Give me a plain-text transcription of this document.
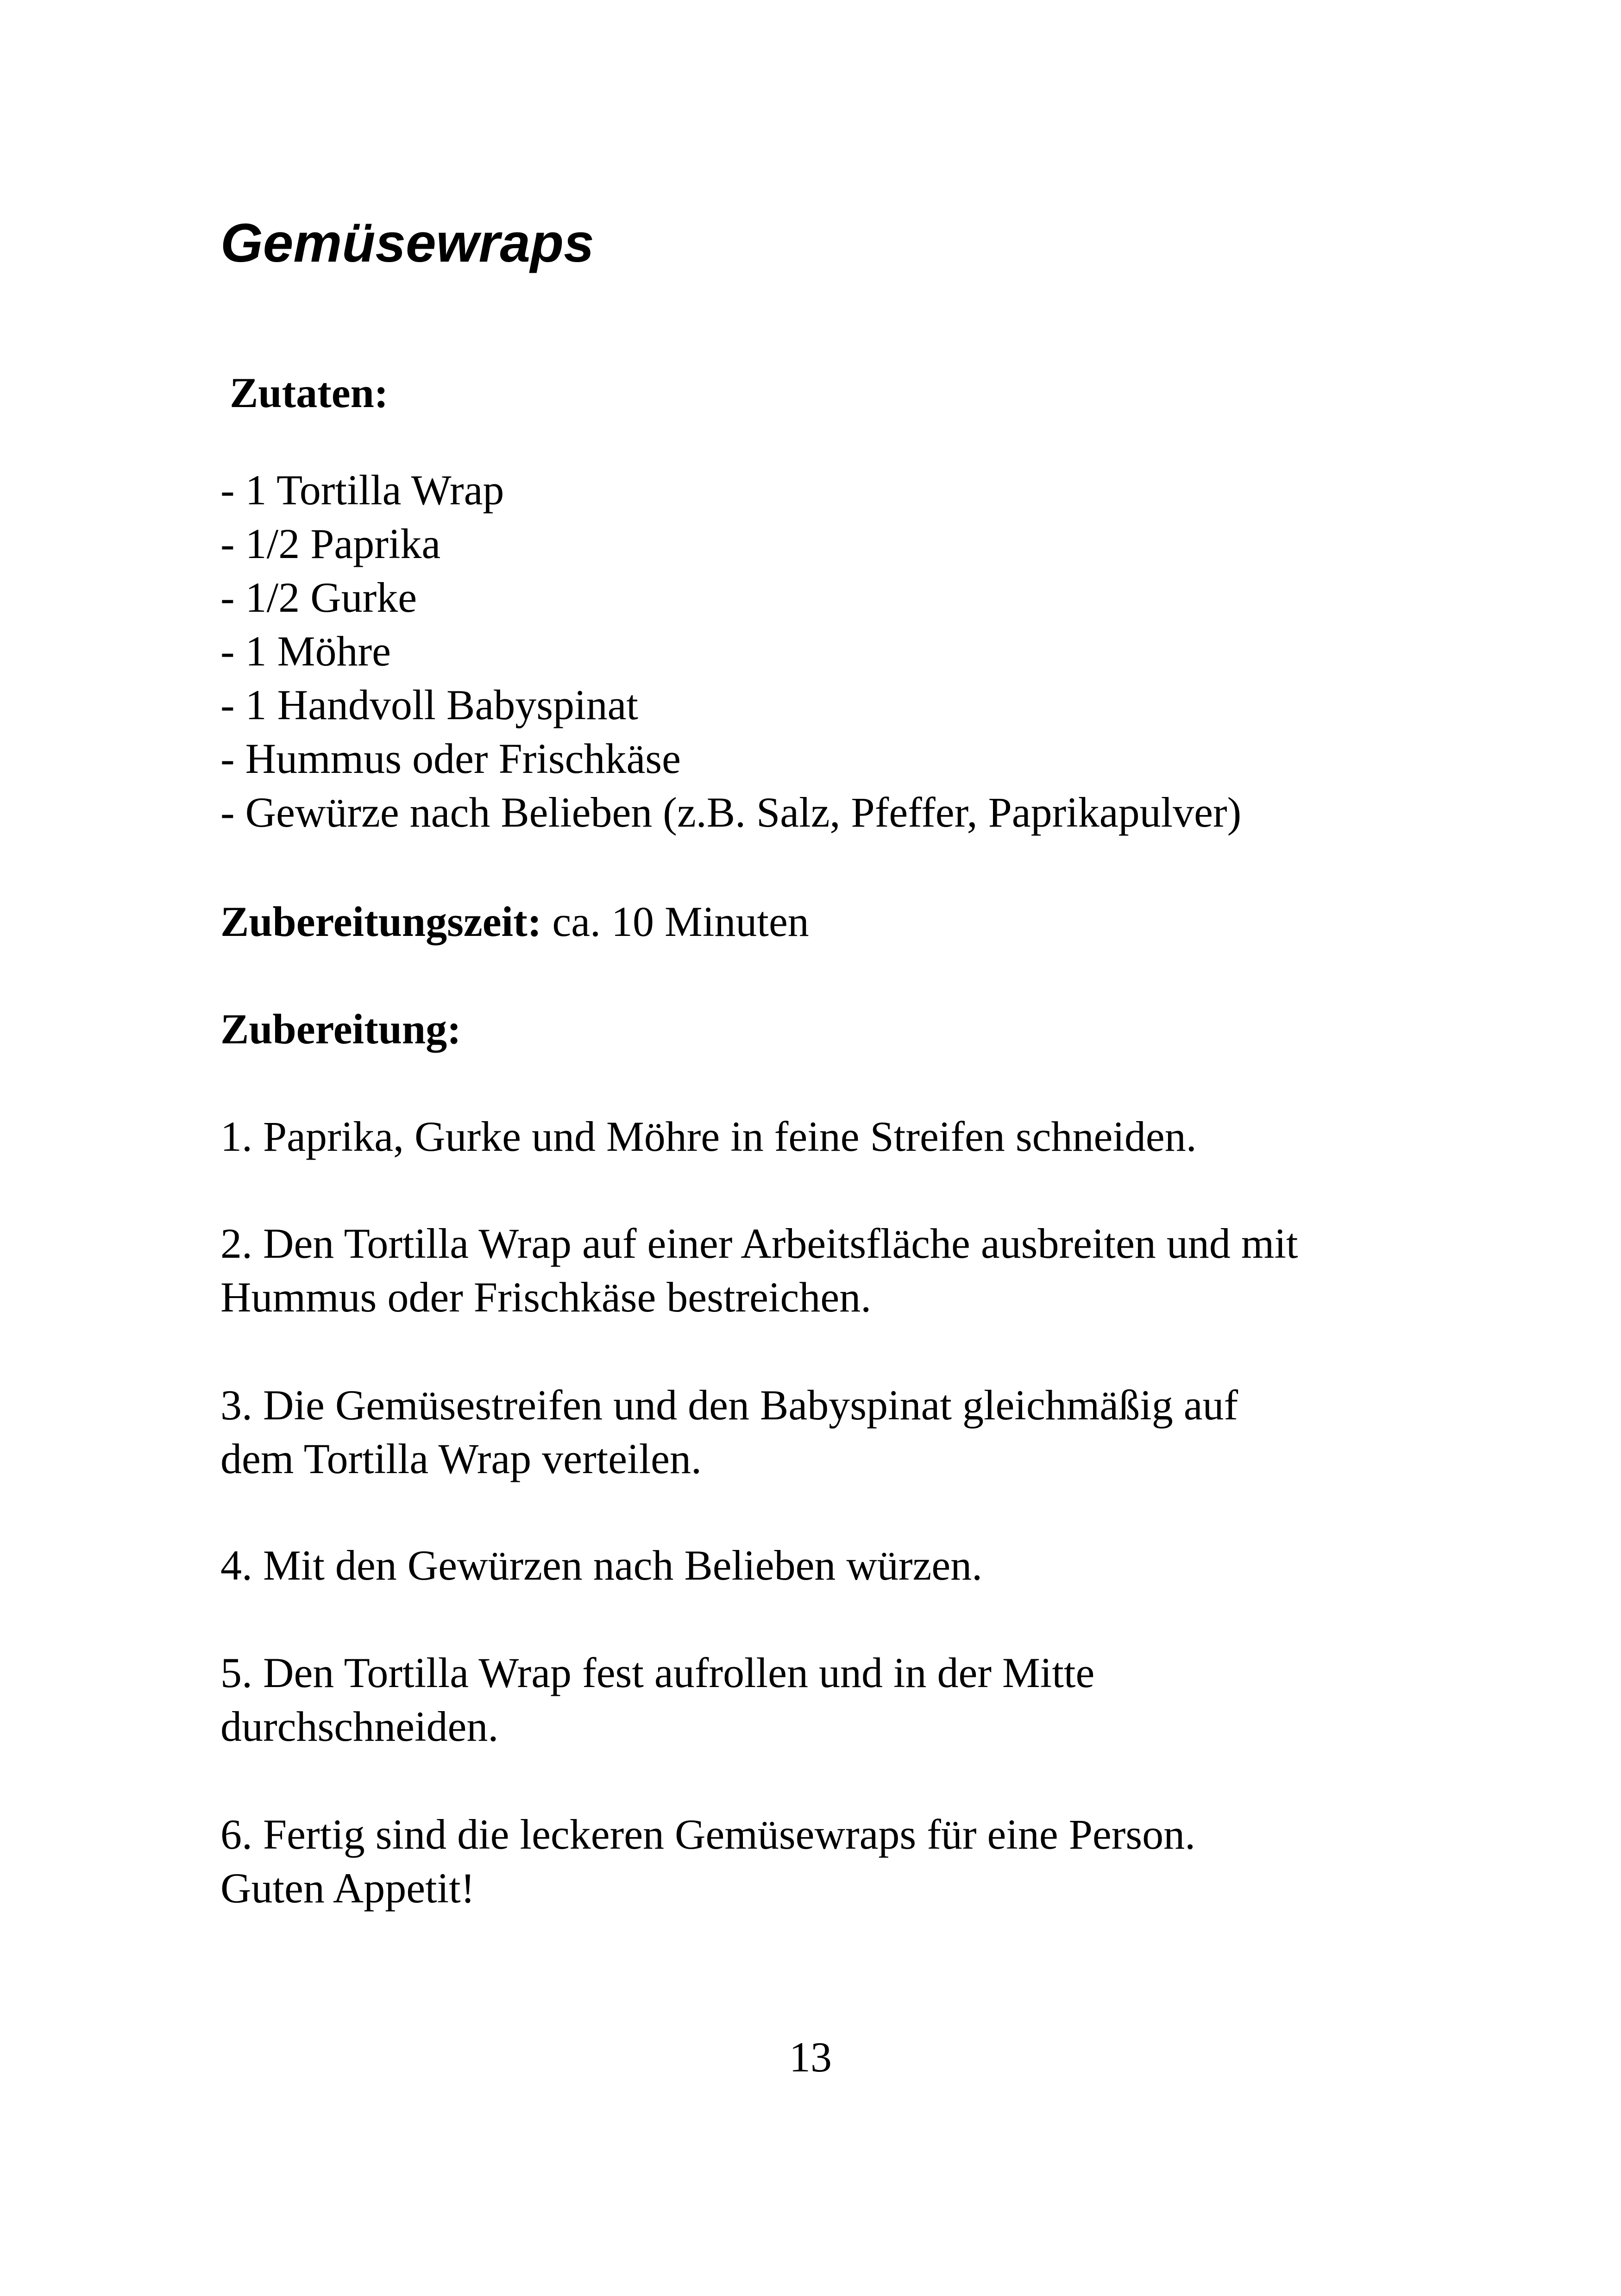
Gemüsewraps
Zutaten:
- 1 Tortilla Wrap
- 1/2 Paprika
- 1/2 Gurke
- 1 Möhre
- 1 Handvoll Babyspinat
- Hummus oder Frischkäse
- Gewürze nach Belieben (z.B. Salz, Pfeffer, Paprikapulver)

Zubereitungszeit: ca. 10 Minuten

Zubereitung:
1. Paprika, Gurke und Möhre in feine Streifen schneiden.
2. Den Tortilla Wrap auf einer Arbeitsfläche ausbreiten und mit
Hummus oder Frischkäse bestreichen.
3. Die Gemüsestreifen und den Babyspinat gleichmäßig auf
dem Tortilla Wrap verteilen.
4. Mit den Gewürzen nach Belieben würzen.
5. Den Tortilla Wrap fest aufrollen und in der Mitte
durchschneiden.
6. Fertig sind die leckeren Gemüsewraps für eine Person.
Guten Appetit!

13
